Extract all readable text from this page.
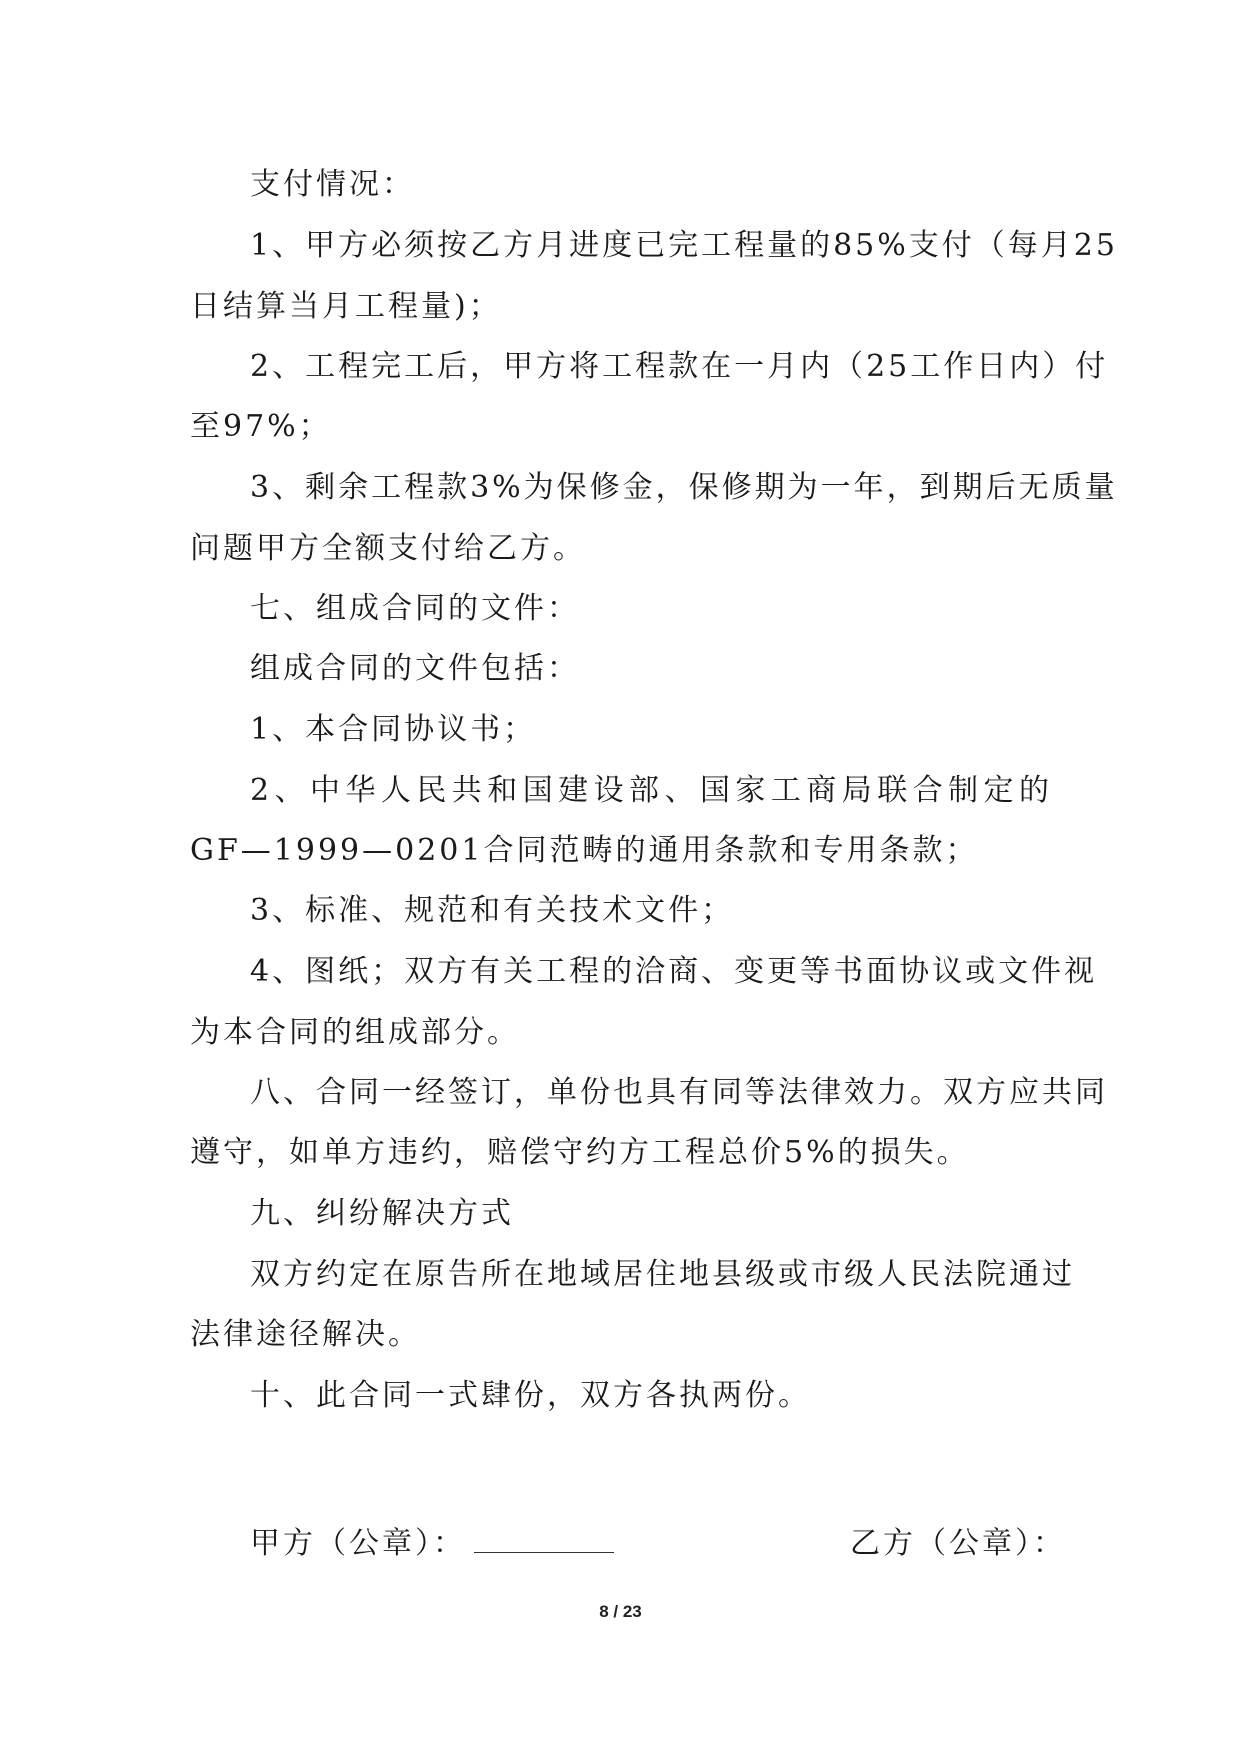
支付情况：
1、甲方必须按乙方月进度已完工程量的85%支付（每月25
日结算当月工程量)；
2、工程完工后，甲方将工程款在一月内（25工作日内）付
至97%；
3、剩余工程款3%为保修金，保修期为一年，到期后无质量
问题甲方全额支付给乙方。
七、组成合同的文件：
组成合同的文件包括：
1、本合同协议书；
2、中华人民共和国建设部、国家工商局联合制定的
GF—1999—0201合同范畴的通用条款和专用条款；
3、标准、规范和有关技术文件；
4、图纸；双方有关工程的洽商、变更等书面协议或文件视
为本合同的组成部分。
八、合同一经签订，单份也具有同等法律效力。双方应共同
遵守，如单方违约，赔偿守约方工程总价5%的损失。
九、纠纷解决方式
双方约定在原告所在地域居住地县级或市级人民法院通过
法律途径解决。
十、此合同一式肆份，双方各执两份。
甲方（公章）：	乙方（公章）：
8 / 23
